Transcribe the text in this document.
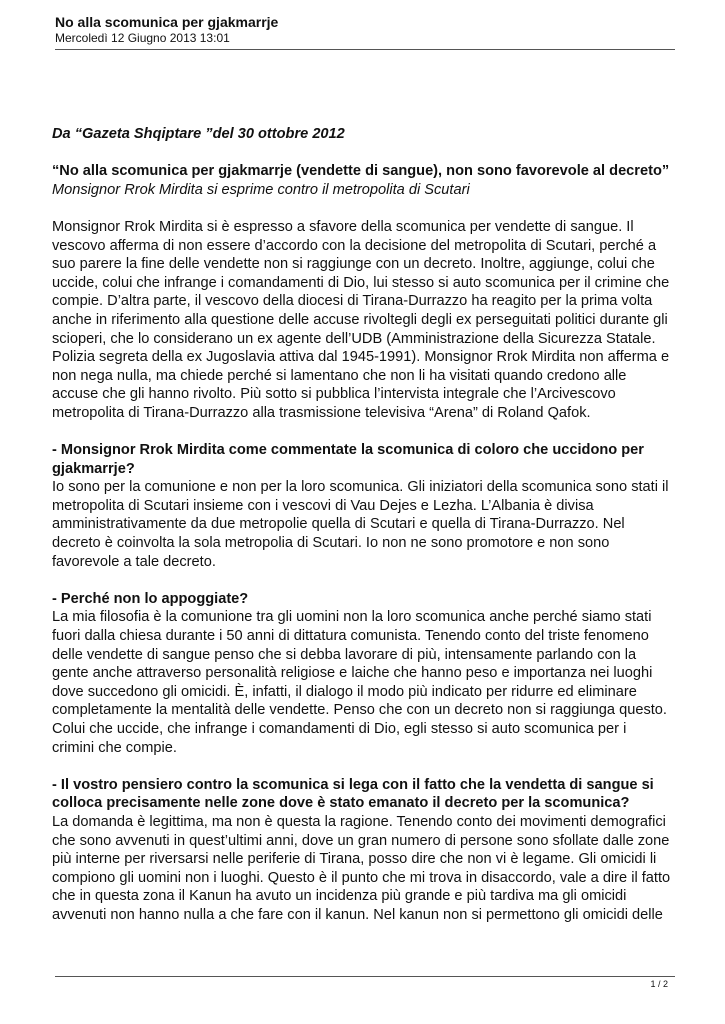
No alla scomunica per gjakmarrje
Mercoledì 12 Giugno 2013 13:01

Da “Gazeta Shqiptare ”del 30 ottobre 2012

“No alla scomunica per gjakmarrje (vendette di sangue), non sono favorevole al decreto”

Monsignor Rrok Mirdita si esprime contro il metropolita di Scutari

Monsignor Rrok Mirdita si è espresso a sfavore della scomunica per vendette di sangue. Il vescovo afferma di non essere d’accordo con la decisione del metropolita di Scutari, perché a suo parere la fine delle vendette non si raggiunge con un decreto. Inoltre, aggiunge, colui che uccide, colui che infrange i comandamenti di Dio, lui stesso si auto scomunica per il crimine che compie. D’altra parte, il vescovo della diocesi di Tirana-Durrazzo ha reagito per la prima volta anche in riferimento alla questione delle accuse rivoltegli degli ex perseguitati politici durante gli scioperi, che lo considerano un ex agente dell’UDB (Amministrazione della Sicurezza Statale. Polizia segreta della ex Jugoslavia attiva dal 1945-1991). Monsignor Rrok Mirdita non afferma e non nega nulla, ma chiede perché si lamentano che non li ha visitati quando credono alle accuse che gli hanno rivolto. Più sotto si pubblica l’intervista integrale che l’Arcivescovo metropolita di Tirana-Durrazzo alla trasmissione televisiva “Arena” di Roland Qafok.

- Monsignor Rrok Mirdita come commentate la scomunica di coloro che uccidono per gjakmarrje?

Io sono per la comunione e non per la loro scomunica. Gli iniziatori della scomunica sono stati il metropolita di Scutari insieme con i vescovi di Vau Dejes e Lezha. L’Albania è divisa amministrativamente da due metropolie quella di Scutari e quella di Tirana-Durrazzo. Nel decreto è coinvolta la sola metropolia di Scutari. Io non ne sono promotore e non sono favorevole a tale decreto.

- Perché non lo appoggiate?

La mia filosofia è la comunione tra gli uomini non la loro scomunica anche perché siamo stati fuori dalla chiesa durante i 50 anni di dittatura comunista. Tenendo conto del triste fenomeno delle vendette di sangue penso che si debba lavorare di più, intensamente parlando con la gente anche attraverso personalità religiose e laiche che hanno peso e importanza nei luoghi dove succedono gli omicidi. È, infatti, il dialogo il modo più indicato per ridurre ed eliminare completamente la mentalità delle vendette. Penso che con un decreto non si raggiunga questo. Colui che uccide, che infrange i comandamenti di Dio, egli stesso si auto scomunica per i crimini che compie.

- Il vostro pensiero contro la scomunica si lega con il fatto che la vendetta di sangue si colloca precisamente nelle zone dove è stato emanato il decreto per la scomunica?

La domanda è legittima, ma non è questa la ragione. Tenendo conto dei movimenti demografici che sono avvenuti in quest’ultimi anni, dove un gran numero di persone sono sfollate dalle zone più interne per riversarsi nelle periferie di Tirana, posso dire che non vi è legame. Gli omicidi li compiono gli uomini non i luoghi. Questo è il punto che mi trova in disaccordo, vale a dire il fatto che in questa zona il Kanun ha avuto un incidenza più grande e più tardiva ma gli omicidi avvenuti non hanno nulla a che fare con il kanun. Nel kanun non si permettono gli omicidi delle

1 / 2
